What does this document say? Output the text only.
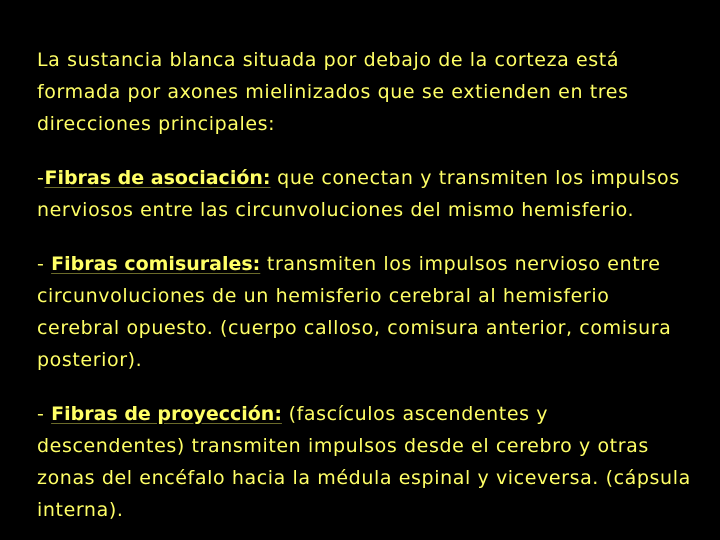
La sustancia blanca situada por debajo de la corteza está formada por axones mielinizados que se extienden en tres direcciones principales:

-Fibras de asociación: que conectan y transmiten los impulsos nerviosos entre las circunvoluciones del mismo hemisferio.

- Fibras comisurales: transmiten los impulsos nervioso entre circunvoluciones de un hemisferio cerebral al hemisferio cerebral opuesto. (cuerpo calloso, comisura anterior, comisura posterior).

- Fibras de proyección: (fascículos ascendentes y descendentes) transmiten impulsos desde el cerebro y otras zonas del encéfalo hacia la médula espinal y viceversa. (cápsula interna).
